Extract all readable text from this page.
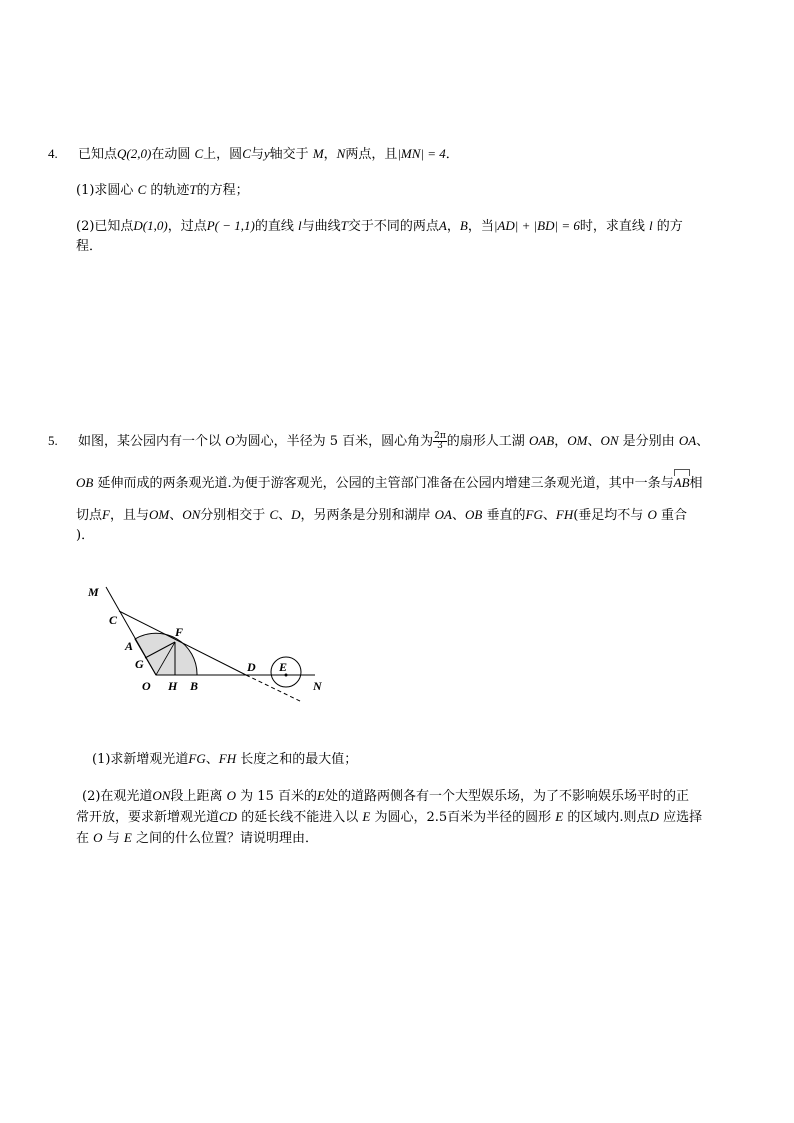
4. 已知点Q(2,0)在动圆 C上，圆C与y轴交于 M，N两点，且|MN| = 4．
(1)求圆心 C 的轨迹T的方程；
(2)已知点D(1,0)，过点P( − 1,1)的直线 l与曲线T交于不同的两点A，B，当|AD| + |BD| = 6时，求直线 l 的方
程．
5. 如图，某公园内有一个以 O为圆心，半径为 5 百米，圆心角为 $\frac{2\pi}{3}$的扇形人工湖 OAB，OM、ON 是分别由 OA、
OB 延伸而成的两条观光道.为便于游客观光，公园的主管部门准备在公园内增建三条观光道，其中一条与AB相
切点F，且与OM、ON分别相交于 C、D，另两条是分别和湖岸 OA、OB 垂直的FG、FH(垂足均不与 O 重合
)．
M
C
F
A
G
O H B
D E
N
(1)求新增观光道FG、FH 长度之和的最大值；
(2)在观光道ON段上距离 O 为 15 百米的E处的道路两侧各有一个大型娱乐场，为了不影响娱乐场平时的正
常开放，要求新增观光道CD 的延长线不能进入以 E 为圆心，2.5百米为半径的圆形 E 的区域内.则点D 应选择
在 O 与 E 之间的什么位置？请说明理由．
